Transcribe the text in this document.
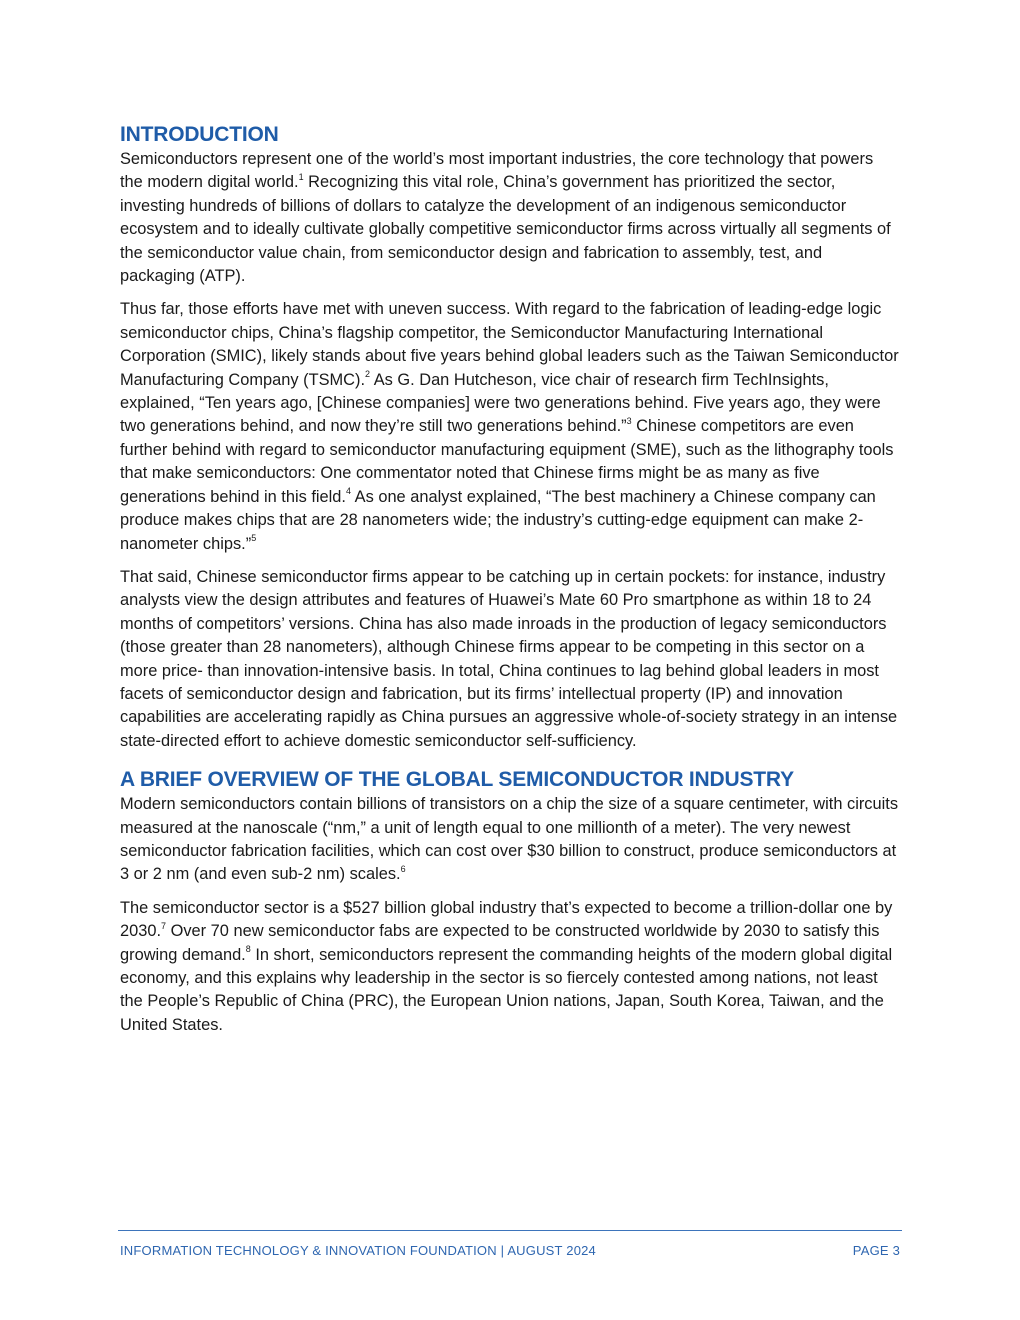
INTRODUCTION

Semiconductors represent one of the world’s most important industries, the core technology that powers the modern digital world.$^1$ Recognizing this vital role, China’s government has prioritized the sector, investing hundreds of billions of dollars to catalyze the development of an indigenous semiconductor ecosystem and to ideally cultivate globally competitive semiconductor firms across virtually all segments of the semiconductor value chain, from semiconductor design and fabrication to assembly, test, and packaging (ATP).

Thus far, those efforts have met with uneven success. With regard to the fabrication of leading-edge logic semiconductor chips, China’s flagship competitor, the Semiconductor Manufacturing International Corporation (SMIC), likely stands about five years behind global leaders such as the Taiwan Semiconductor Manufacturing Company (TSMC).$^2$ As G. Dan Hutcheson, vice chair of research firm TechInsights, explained, “Ten years ago, [Chinese companies] were two generations behind. Five years ago, they were two generations behind, and now they’re still two generations behind.”$^3$ Chinese competitors are even further behind with regard to semiconductor manufacturing equipment (SME), such as the lithography tools that make semiconductors: One commentator noted that Chinese firms might be as many as five generations behind in this field.$^4$ As one analyst explained, “The best machinery a Chinese company can produce makes chips that are 28 nanometers wide; the industry’s cutting-edge equipment can make 2-nanometer chips.”$^5$

That said, Chinese semiconductor firms appear to be catching up in certain pockets: for instance, industry analysts view the design attributes and features of Huawei’s Mate 60 Pro smartphone as within 18 to 24 months of competitors’ versions. China has also made inroads in the production of legacy semiconductors (those greater than 28 nanometers), although Chinese firms appear to be competing in this sector on a more price- than innovation-intensive basis. In total, China continues to lag behind global leaders in most facets of semiconductor design and fabrication, but its firms’ intellectual property (IP) and innovation capabilities are accelerating rapidly as China pursues an aggressive whole-of-society strategy in an intense state-directed effort to achieve domestic semiconductor self-sufficiency.

A BRIEF OVERVIEW OF THE GLOBAL SEMICONDUCTOR INDUSTRY

Modern semiconductors contain billions of transistors on a chip the size of a square centimeter, with circuits measured at the nanoscale (“nm,” a unit of length equal to one millionth of a meter). The very newest semiconductor fabrication facilities, which can cost over $30 billion to construct, produce semiconductors at 3 or 2 nm (and even sub-2 nm) scales.$^6$

The semiconductor sector is a $527 billion global industry that’s expected to become a trillion-dollar one by 2030.$^7$ Over 70 new semiconductor fabs are expected to be constructed worldwide by 2030 to satisfy this growing demand.$^8$ In short, semiconductors represent the commanding heights of the modern global digital economy, and this explains why leadership in the sector is so fiercely contested among nations, not least the People’s Republic of China (PRC), the European Union nations, Japan, South Korea, Taiwan, and the United States.

INFORMATION TECHNOLOGY & INNOVATION FOUNDATION | AUGUST 2024	PAGE 3
